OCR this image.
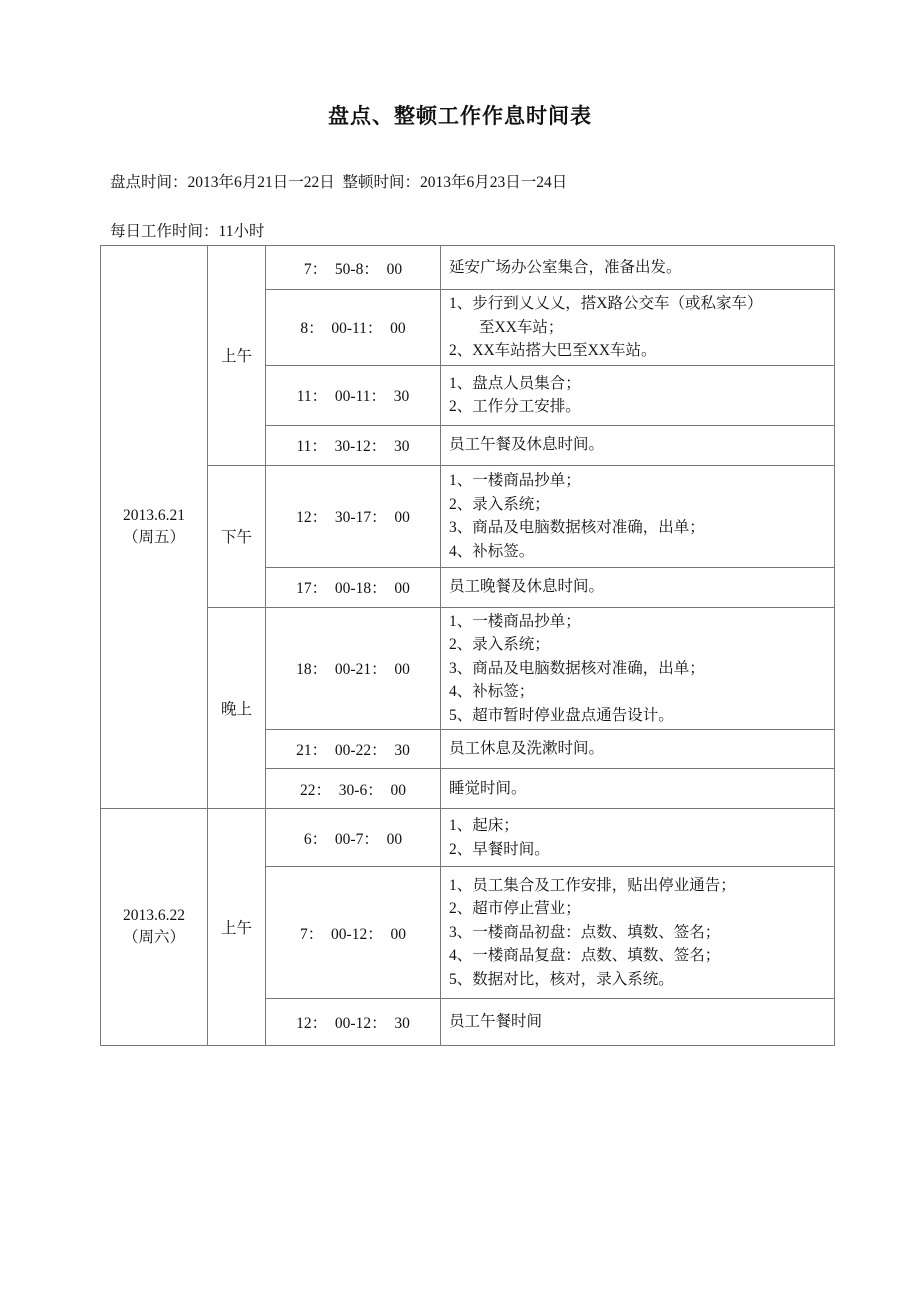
盘点、整顿工作作息时间表
盘点时间：2013年6月21日一22日 整顿时间：2013年6月23日一24日
每日工作时间：11小时
2013.6.21
（周五）	上午	7：  50-8：  00	延安广场办公室集合，准备出发。

		8：  00-11：  00	1、步行到乂乂乂，搭X路公交车（或私家车）
至XX车站；
2、XX车站搭大巴至XX车站。

		11：  00-11：  30	1、盘点人员集合；
2、工作分工安排。

		11：  30-12：  30	员工午餐及休息时间。

	下午	12：  30-17：  00	1、一楼商品抄单；
2、录入系统；
3、商品及电脑数据核对准确，出单；
4、补标签。

		17：  00-18：  00	员工晚餐及休息时间。

	晚上	18：  00-21：  00	1、一楼商品抄单；
2、录入系统；
3、商品及电脑数据核对准确，出单；
4、补标签；
5、超市暂时停业盘点通告设计。

		21：  00-22：  30	员工休息及洗漱时间。

		22：  30-6：  00	睡觉时间。

2013.6.22
（周六）	上午	6：  00-7：  00	1、起床；
2、早餐时间。

		7：  00-12：  00	1、员工集合及工作安排，贴出停业通告；
2、超市停止营业；
3、一楼商品初盘：点数、填数、签名；
4、一楼商品复盘：点数、填数、签名；
5、数据对比，核对，录入系统。

		12：  00-12：  30	员工午餐时间
